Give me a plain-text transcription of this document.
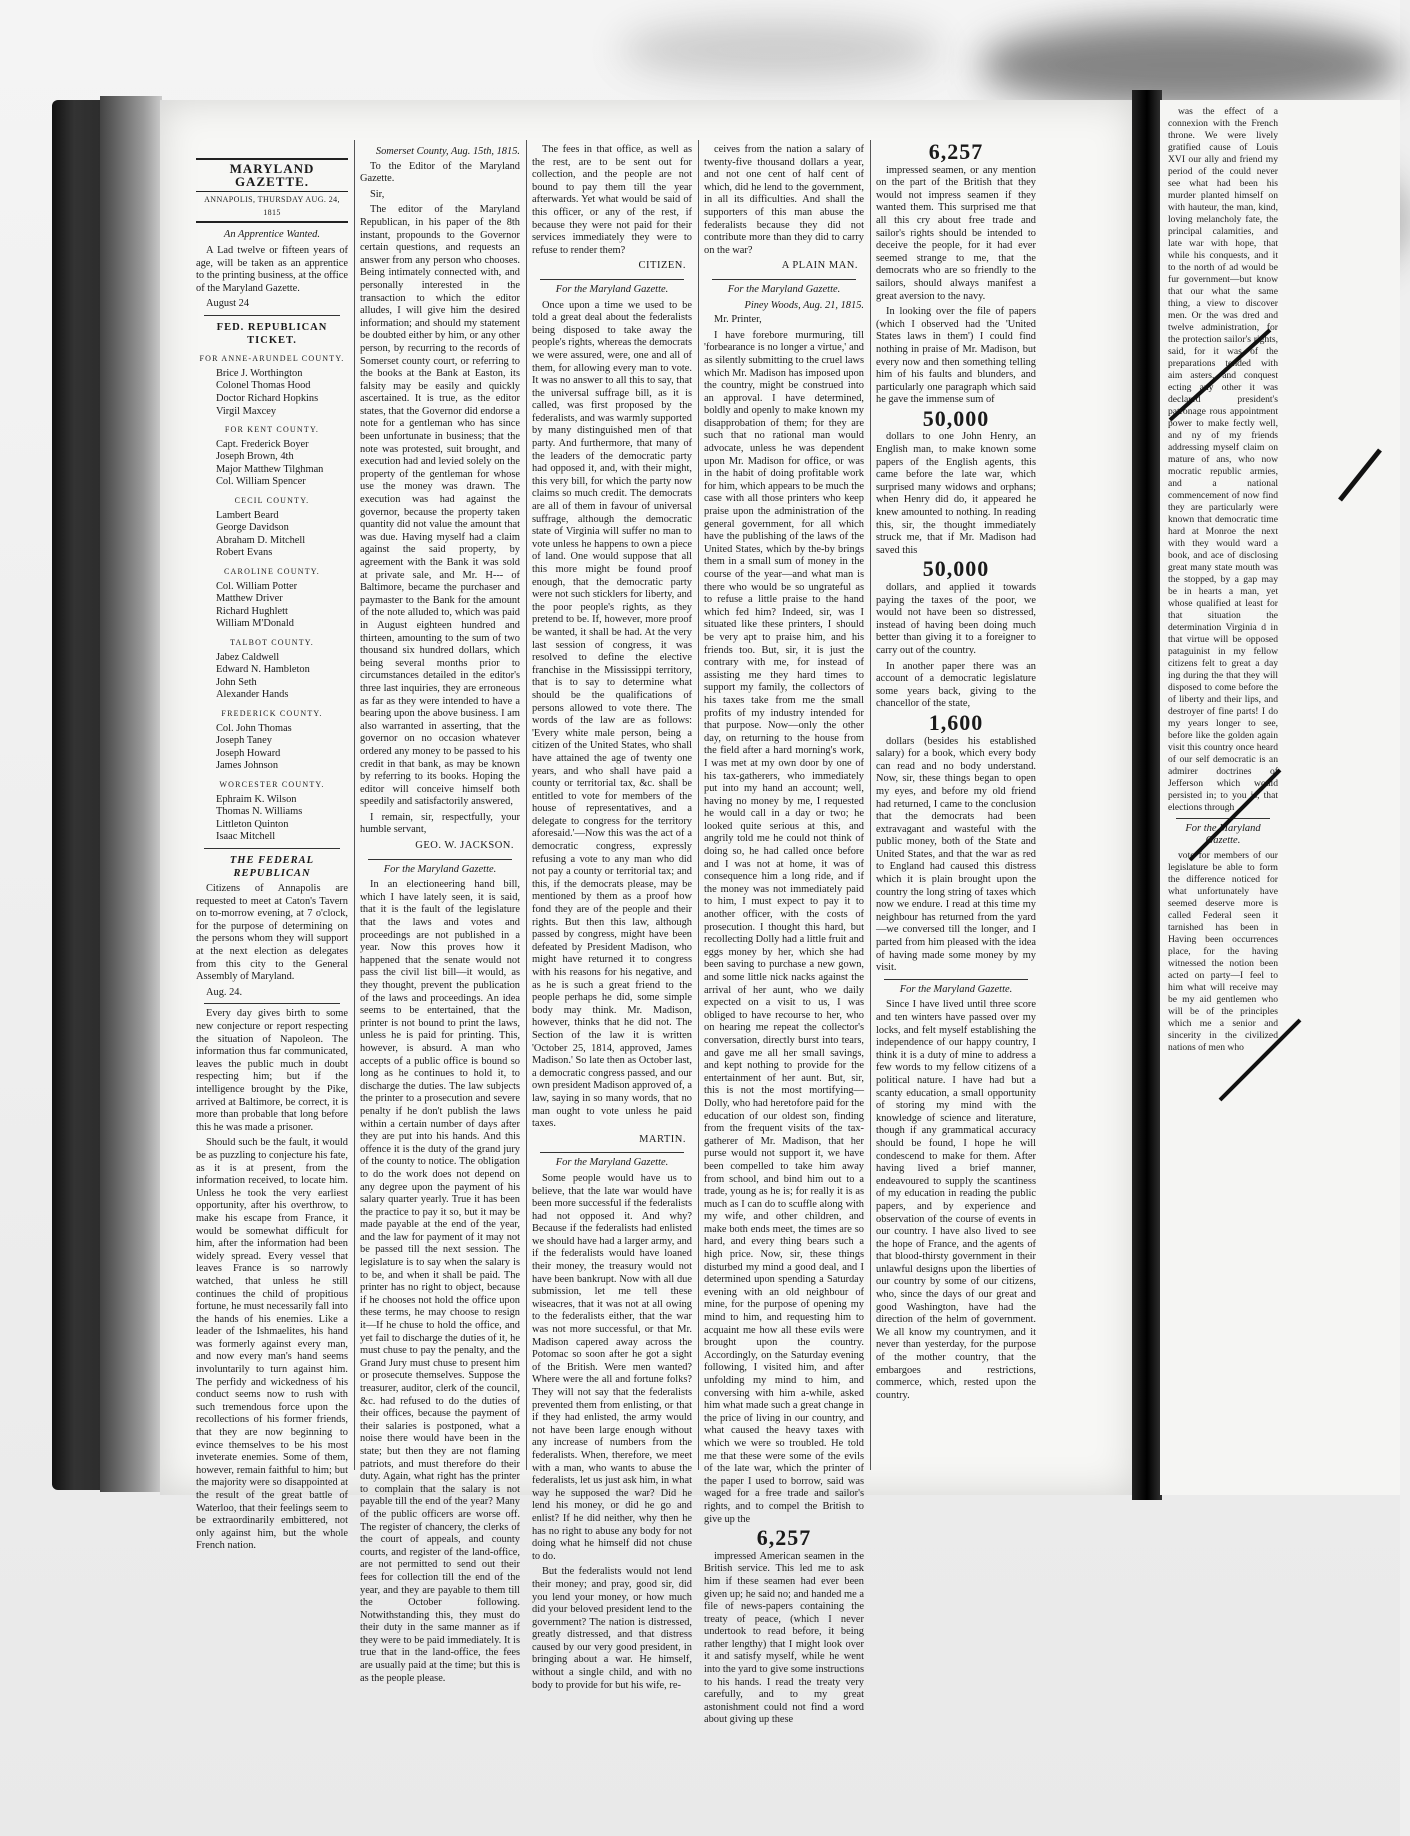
MARYLAND GAZETTE.
ANNAPOLIS, THURSDAY AUG. 24, 1815
An Apprentice Wanted.

A Lad twelve or fifteen years of age, will be taken as an apprentice to the printing business, at the office of the Maryland Gazette.

August 24

FED. REPUBLICAN TICKET.
FOR ANNE-ARUNDEL COUNTY.
Brice J. Worthington
Colonel Thomas Hood
Doctor Richard Hopkins
Virgil Maxcey
FOR KENT COUNTY.
Capt. Frederick Boyer
Joseph Brown, 4th
Major Matthew Tilghman
Col. William Spencer
CECIL COUNTY.
Lambert Beard
George Davidson
Abraham D. Mitchell
Robert Evans
CAROLINE COUNTY.
Col. William Potter
Matthew Driver
Richard Hughlett
William M'Donald
TALBOT COUNTY.
Jabez Caldwell
Edward N. Hambleton
John Seth
Alexander Hands
FREDERICK COUNTY.
Col. John Thomas
Joseph Taney
Joseph Howard
James Johnson
WORCESTER COUNTY.
Ephraim K. Wilson
Thomas N. Williams
Littleton Quinton
Isaac Mitchell
THE FEDERAL REPUBLICAN

Citizens of Annapolis are requested to meet at Caton's Tavern on to-morrow evening, at 7 o'clock, for the purpose of determining on the persons whom they will support at the next election as delegates from this city to the General Assembly of Maryland.

Aug. 24.

Every day gives birth to some new conjecture or report respecting the situation of Napoleon. The information thus far communicated, leaves the public much in doubt respecting him; but if the intelligence brought by the Pike, arrived at Baltimore, be correct, it is more than probable that long before this he was made a prisoner.

Should such be the fault, it would be as puzzling to conjecture his fate, as it is at present, from the information received, to locate him. Unless he took the very earliest opportunity, after his overthrow, to make his escape from France, it would be somewhat difficult for him, after the information had been widely spread. Every vessel that leaves France is so narrowly watched, that unless he still continues the child of propitious fortune, he must necessarily fall into the hands of his enemies. Like a leader of the Ishmaelites, his hand was formerly against every man, and now every man's hand seems involuntarily to turn against him. The perfidy and wickedness of his conduct seems now to rush with such tremendous force upon the recollections of his former friends, that they are now beginning to evince themselves to be his most inveterate enemies. Some of them, however, remain faithful to him; but the majority were so disappointed at the result of the great battle of Waterloo, that their feelings seem to be extraordinarily embittered, not only against him, but the whole French nation.

Somerset County, Aug. 15th, 1815.

To the Editor of the Maryland Gazette.

Sir,

The editor of the Maryland Republican, in his paper of the 8th instant, propounds to the Governor certain questions, and requests an answer from any person who chooses. Being intimately connected with, and personally interested in the transaction to which the editor alludes, I will give him the desired information; and should my statement be doubted either by him, or any other person, by recurring to the records of Somerset county court, or referring to the books at the Bank at Easton, its falsity may be easily and quickly ascertained. It is true, as the editor states, that the Governor did endorse a note for a gentleman who has since been unfortunate in business; that the note was protested, suit brought, and execution had and levied solely on the property of the gentleman for whose use the money was drawn. The execution was had against the governor, because the property taken quantity did not value the amount that was due. Having myself had a claim against the said property, by agreement with the Bank it was sold at private sale, and Mr. H--- of Baltimore, became the purchaser and paymaster to the Bank for the amount of the note alluded to, which was paid in August eighteen hundred and thirteen, amounting to the sum of two thousand six hundred dollars, which being several months prior to circumstances detailed in the editor's three last inquiries, they are erroneous as far as they were intended to have a bearing upon the above business. I am also warranted in asserting, that the governor on no occasion whatever ordered any money to be passed to his credit in that bank, as may be known by referring to its books. Hoping the editor will conceive himself both speedily and satisfactorily answered,

I remain, sir, respectfully, your humble servant,

GEO. W. JACKSON.
For the Maryland Gazette.

In an electioneering hand bill, which I have lately seen, it is said, that it is the fault of the legislature that the laws and votes and proceedings are not published in a year. Now this proves how it happened that the senate would not pass the civil list bill—it would, as they thought, prevent the publication of the laws and proceedings. An idea seems to be entertained, that the printer is not bound to print the laws, unless he is paid for printing. This, however, is absurd. A man who accepts of a public office is bound so long as he continues to hold it, to discharge the duties. The law subjects the printer to a prosecution and severe penalty if he don't publish the laws within a certain number of days after they are put into his hands. And this offence it is the duty of the grand jury of the county to notice. The obligation to do the work does not depend on any degree upon the payment of his salary quarter yearly. True it has been the practice to pay it so, but it may be made payable at the end of the year, and the law for payment of it may not be passed till the next session. The legislature is to say when the salary is to be, and when it shall be paid. The printer has no right to object, because if he chooses not hold the office upon these terms, he may choose to resign it—If he chuse to hold the office, and yet fail to discharge the duties of it, he must chuse to pay the penalty, and the Grand Jury must chuse to present him or prosecute themselves. Suppose the treasurer, auditor, clerk of the council, &c. had refused to do the duties of their offices, because the payment of their salaries is postponed, what a noise there would have been in the state; but then they are not flaming patriots, and must therefore do their duty. Again, what right has the printer to complain that the salary is not payable till the end of the year? Many of the public officers are worse off. The register of chancery, the clerks of the court of appeals, and county courts, and register of the land-office, are not permitted to send out their fees for collection till the end of the year, and they are payable to them till the October following. Notwithstanding this, they must do their duty in the same manner as if they were to be paid immediately. It is true that in the land-office, the fees are usually paid at the time; but this is as the people please.

The fees in that office, as well as the rest, are to be sent out for collection, and the people are not bound to pay them till the year afterwards. Yet what would be said of this officer, or any of the rest, if because they were not paid for their services immediately they were to refuse to render them?

CITIZEN.
For the Maryland Gazette.

Once upon a time we used to be told a great deal about the federalists being disposed to take away the people's rights, whereas the democrats we were assured, were, one and all of them, for allowing every man to vote. It was no answer to all this to say, that the universal suffrage bill, as it is called, was first proposed by the federalists, and was warmly supported by many distinguished men of that party. And furthermore, that many of the leaders of the democratic party had opposed it, and, with their might, this very bill, for which the party now claims so much credit. The democrats are all of them in favour of universal suffrage, although the democratic state of Virginia will suffer no man to vote unless he happens to own a piece of land. One would suppose that all this more might be found proof enough, that the democratic party were not such sticklers for liberty, and the poor people's rights, as they pretend to be. If, however, more proof be wanted, it shall be had. At the very last session of congress, it was resolved to define the elective franchise in the Mississippi territory, that is to say to determine what should be the qualifications of persons allowed to vote there. The words of the law are as follows: 'Every white male person, being a citizen of the United States, who shall have attained the age of twenty one years, and who shall have paid a county or territorial tax, &c. shall be entitled to vote for members of the house of representatives, and a delegate to congress for the territory aforesaid.'—Now this was the act of a democratic congress, expressly refusing a vote to any man who did not pay a county or territorial tax; and this, if the democrats please, may be mentioned by them as a proof how fond they are of the people and their rights. But then this law, although passed by congress, might have been defeated by President Madison, who might have returned it to congress with his reasons for his negative, and as he is such a great friend to the people perhaps he did, some simple body may think. Mr. Madison, however, thinks that he did not. The Section of the law it is written 'October 25, 1814, approved, James Madison.' So late then as October last, a democratic congress passed, and our own president Madison approved of, a law, saying in so many words, that no man ought to vote unless he paid taxes.

MARTIN.
For the Maryland Gazette.

Some people would have us to believe, that the late war would have been more successful if the federalists had not opposed it. And why? Because if the federalists had enlisted we should have had a larger army, and if the federalists would have loaned their money, the treasury would not have been bankrupt. Now with all due submission, let me tell these wiseacres, that it was not at all owing to the federalists either, that the war was not more successful, or that Mr. Madison capered away across the Potomac so soon after he got a sight of the British. Were men wanted? Where were the all and fortune folks? They will not say that the federalists prevented them from enlisting, or that if they had enlisted, the army would not have been large enough without any increase of numbers from the federalists. When, therefore, we meet with a man, who wants to abuse the federalists, let us just ask him, in what way he supposed the war? Did he lend his money, or did he go and enlist? If he did neither, why then he has no right to abuse any body for not doing what he himself did not chuse to do.

But the federalists would not lend their money; and pray, good sir, did you lend your money, or how much did your beloved president lend to the government? The nation is distressed, greatly distressed, and that distress caused by our very good president, in bringing about a war. He himself, without a single child, and with no body to provide for but his wife, re-

ceives from the nation a salary of twenty-five thousand dollars a year, and not one cent of half cent of which, did he lend to the government, in all its difficulties. And shall the supporters of this man abuse the federalists because they did not contribute more than they did to carry on the war?

A PLAIN MAN.
For the Maryland Gazette.
Piney Woods, Aug. 21, 1815.

Mr. Printer,

I have forebore murmuring, till 'forbearance is no longer a virtue,' and as silently submitting to the cruel laws which Mr. Madison has imposed upon the country, might be construed into an approval. I have determined, boldly and openly to make known my disapprobation of them; for they are such that no rational man would advocate, unless he was dependent upon Mr. Madison for office, or was in the habit of doing profitable work for him, which appears to be much the case with all those printers who keep praise upon the administration of the general government, for all which have the publishing of the laws of the United States, which by the-by brings them in a small sum of money in the course of the year—and what man is there who would be so ungrateful as to refuse a little praise to the hand which fed him? Indeed, sir, was I situated like these printers, I should be very apt to praise him, and his friends too. But, sir, it is just the contrary with me, for instead of assisting me they hard times to support my family, the collectors of his taxes take from me the small profits of my industry intended for that purpose. Now—only the other day, on returning to the house from the field after a hard morning's work, I was met at my own door by one of his tax-gatherers, who immediately put into my hand an account; well, having no money by me, I requested he would call in a day or two; he looked quite serious at this, and angrily told me he could not think of doing so, he had called once before and I was not at home, it was of consequence him a long ride, and if the money was not immediately paid to him, I must expect to pay it to another officer, with the costs of prosecution. I thought this hard, but recollecting Dolly had a little fruit and eggs money by her, which she had been saving to purchase a new gown, and some little nick nacks against the arrival of her aunt, who we daily expected on a visit to us, I was obliged to have recourse to her, who on hearing me repeat the collector's conversation, directly burst into tears, and gave me all her small savings, and kept nothing to provide for the entertainment of her aunt. But, sir, this is not the most mortifying—Dolly, who had heretofore paid for the education of our oldest son, finding from the frequent visits of the tax-gatherer of Mr. Madison, that her purse would not support it, we have been compelled to take him away from school, and bind him out to a trade, young as he is; for really it is as much as I can do to scuffle along with my wife, and other children, and make both ends meet, the times are so hard, and every thing bears such a high price. Now, sir, these things disturbed my mind a good deal, and I determined upon spending a Saturday evening with an old neighbour of mine, for the purpose of opening my mind to him, and requesting him to acquaint me how all these evils were brought upon the country. Accordingly, on the Saturday evening following, I visited him, and after unfolding my mind to him, and conversing with him a-while, asked him what made such a great change in the price of living in our country, and what caused the heavy taxes with which we were so troubled. He told me that these were some of the evils of the late war, which the printer of the paper I used to borrow, said was waged for a free trade and sailor's rights, and to compel the British to give up the

6,257

impressed American seamen in the British service. This led me to ask him if these seamen had ever been given up; he said no; and handed me a file of news-papers containing the treaty of peace, (which I never undertook to read before, it being rather lengthy) that I might look over it and satisfy myself, while he went into the yard to give some instructions to his hands. I read the treaty very carefully, and to my great astonishment could not find a word about giving up these

6,257

impressed seamen, or any mention on the part of the British that they would not impress seamen if they wanted them. This surprised me that all this cry about free trade and sailor's rights should be intended to deceive the people, for it had ever seemed strange to me, that the democrats who are so friendly to the sailors, should always manifest a great aversion to the navy.

In looking over the file of papers (which I observed had the 'United States laws in them') I could find nothing in praise of Mr. Madison, but every now and then something telling him of his faults and blunders, and particularly one paragraph which said he gave the immense sum of

50,000

dollars to one John Henry, an English man, to make known some papers of the English agents, this came before the late war, which surprised many widows and orphans; when Henry did do, it appeared he knew amounted to nothing. In reading this, sir, the thought immediately struck me, that if Mr. Madison had saved this

50,000

dollars, and applied it towards paying the taxes of the poor, we would not have been so distressed, instead of having been doing much better than giving it to a foreigner to carry out of the country.

In another paper there was an account of a democratic legislature some years back, giving to the chancellor of the state,

1,600

dollars (besides his established salary) for a book, which every body can read and no body understand. Now, sir, these things began to open my eyes, and before my old friend had returned, I came to the conclusion that the democrats had been extravagant and wasteful with the public money, both of the State and United States, and that the war as red to England had caused this distress which it is plain brought upon the country the long string of taxes which now we endure. I read at this time my neighbour has returned from the yard—we conversed till the longer, and I parted from him pleased with the idea of having made some money by my visit.

For the Maryland Gazette.

Since I have lived until three score and ten winters have passed over my locks, and felt myself establishing the independence of our happy country, I think it is a duty of mine to address a few words to my fellow citizens of a political nature. I have had but a scanty education, a small opportunity of storing my mind with the knowledge of science and literature, though if any grammatical accuracy should be found, I hope he will condescend to make for them. After having lived a brief manner, endeavoured to supply the scantiness of my education in reading the public papers, and by experience and observation of the course of events in our country. I have also lived to see the hope of France, and the agents of that blood-thirsty government in their unlawful designs upon the liberties of our country by some of our citizens, who, since the days of our great and good Washington, have had the direction of the helm of government. We all know my countrymen, and it never than yesterday, for the purpose of the mother country, that the embargoes and restrictions, commerce, which, rested upon the country.

was the effect of a connexion with the French throne. We were lively gratified cause of Louis XVI our ally and friend my period of the could never see what had been his murder planted himself on with hauteur, the man, kind, loving melancholy fate, the principal calamities, and late war with hope, that while his conquests, and it to the north of ad would be fur government—but know that our what the same thing, a view to discover men. Or the was dred and twelve administration, for the protection sailor's rights, said, for it was of the preparations tended with aim asters, and conquest ecting any other it was declared president's patronage rous appointment power to make fectly well, and ny of my friends addressing myself claim on mature of ans, who now mocratic republic armies, and a national commencement of now find they are particularly were known that democratic time hard at Monroe the next with they would ward a book, and ace of disclosing great many state mouth was the stopped, by a gap may be in hearts a man, yet whose qualified at least for that situation the determination Virginia d in that virtue will be opposed pataguinist in my fellow citizens felt to great a day ing during the that they will disposed to come before the of liberty and their lips, and destroyer of fine parts! I do my years longer to see, before like the golden again visit this country once heard of our self democratic is an admirer doctrines of Jefferson which would persisted in; to you is, that elections through

For the Maryland Gazette.

vote for members of our legislature be able to form the difference noticed for what unfortunately have seemed deserve more is called Federal seen it tarnished has been in Having been occurrences place, for the having witnessed the notion been acted on party—I feel to him what will receive may be my aid gentlemen who will be of the principles which me a senior and sincerity in the civilized nations of men who
